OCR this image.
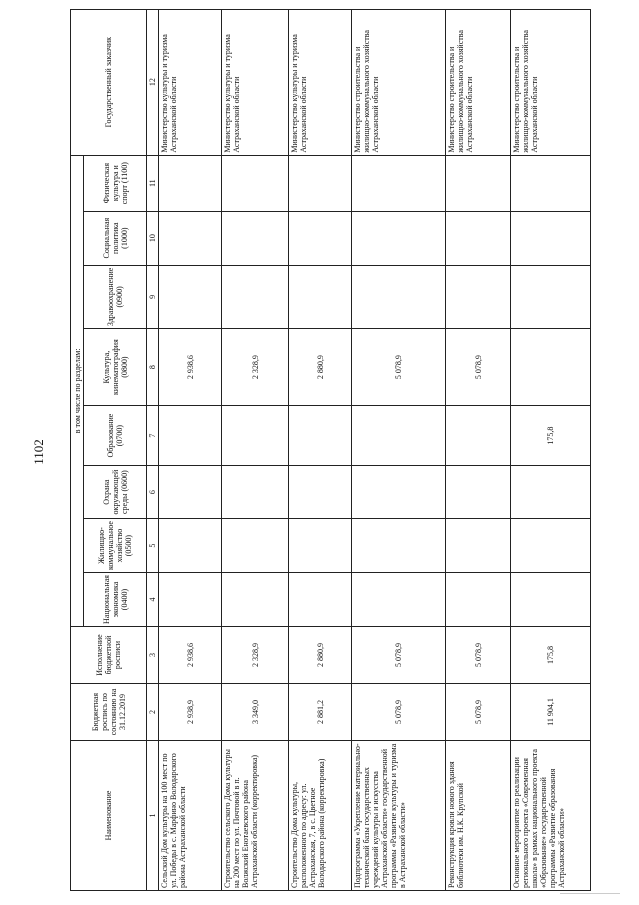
1102
Наименование	Бюджетная роспись по состоянию на 31.12.2019	Исполнение бюджетной росписи	в том числе по разделам:								Государственный заказчик
			Национальная экономика (0400)	Жилищно-коммунальное хозяйство (0500)	Охрана окружающей среды (0600)	Образование (0700)	Культура, кинематография (0800)	Здравоохранение (0900)	Социальная политика (1000)	Физическая культура и спорт (1100)	
1	2	3	4	5	6	7	8	9	10	11	12
Сельский Дом культуры на 100 мест по ул. Победы в с. Марфино Володарского района Астраханской области	2 938,9	2 938,6					2 938,6				Министерство культуры и туризма Астраханской области
Строительство сельского Дома культуры на 200 мест по ул. Почтовой в п. Волжский Енотаевского района Астраханской области (корректировка)	3 349,0	2 328,9					2 328,9				Министерство культуры и туризма Астраханской области
Строительство Дома культуры, расположенного по адресу: ул. Астраханская, 7, в с. Цветное Володарского района (корректировка)	2 881,2	2 880,9					2 880,9				Министерство культуры и туризма Астраханской области
Подпрограмма «Укрепление материально-технической базы государственных учреждений культуры и искусства Астраханской области» государственной программы «Развитие культуры и туризма в Астраханской области»	5 078,9	5 078,9					5 078,9				Министерство строительства и жилищно-коммунального хозяйства Астраханской области
Реконструкция кровли нового здания библиотеки им. Н.К. Крупской	5 078,9	5 078,9					5 078,9				Министерство строительства и жилищно-коммунального хозяйства Астраханской области
Основное мероприятие по реализации регионального проекта «Современная школа» в рамках национального проекта «Образование» государственной программы «Развитие образования Астраханской области»	11 904,1	175,8				175,8					Министерство строительства и жилищно-коммунального хозяйства Астраханской области
